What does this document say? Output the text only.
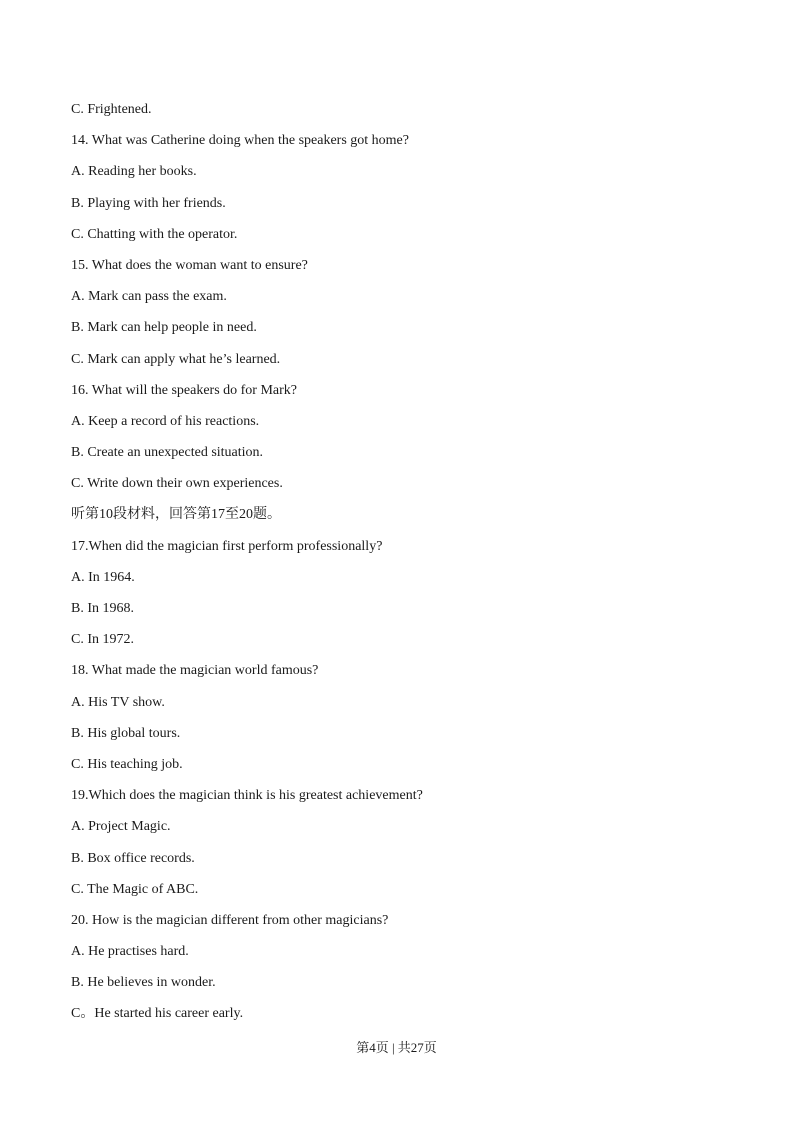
C. Frightened.
14. What was Catherine doing when the speakers got home?
A. Reading her books.
B. Playing with her friends.
C. Chatting with the operator.
15. What does the woman want to ensure?
A. Mark can pass the exam.
B. Mark can help people in need.
C. Mark can apply what he’s learned.
16. What will the speakers do for Mark?
A. Keep a record of his reactions.
B. Create an unexpected situation.
C. Write down their own experiences.
听第10段材料，回答第17至20题。
17.When did the magician first perform professionally?
A. In 1964.
B. In 1968.
C. In 1972.
18. What made the magician world famous?
A. His TV show.
B. His global tours.
C. His teaching job.
19.Which does the magician think is his greatest achievement?
A. Project Magic.
B. Box office records.
C. The Magic of ABC.
20. How is the magician different from other magicians?
A. He practises hard.
B. He believes in wonder.
C。He started his career early.
第4页 | 共27页
